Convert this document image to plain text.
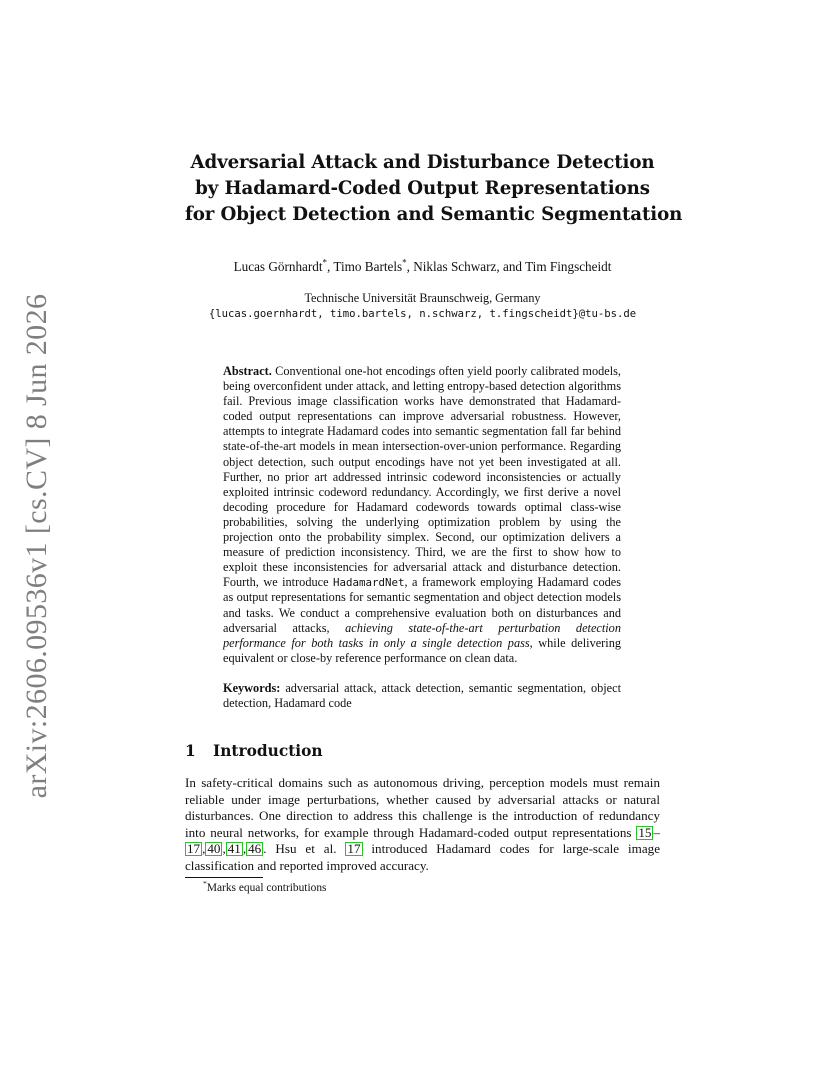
arXiv:2606.09536v1 [cs.CV] 8 Jun 2026
Adversarial Attack and Disturbance Detection
by Hadamard-Coded Output Representations
for Object Detection and Semantic Segmentation
Lucas Görnhardt*, Timo Bartels*, Niklas Schwarz, and Tim Fingscheidt
Technische Universität Braunschweig, Germany
{lucas.goernhardt, timo.bartels, n.schwarz, t.fingscheidt}@tu-bs.de
Abstract. Conventional one-hot encodings often yield poorly calibrated models, being overconfident under attack, and letting entropy-based detection algorithms fail. Previous image classification works have demonstrated that Hadamard-coded output representations can improve adversarial robustness. However, attempts to integrate Hadamard codes into semantic segmentation fall far behind state-of-the-art models in mean intersection-over-union performance. Regarding object detection, such output encodings have not yet been investigated at all. Further, no prior art addressed intrinsic codeword inconsistencies or actually exploited intrinsic codeword redundancy. Accordingly, we first derive a novel decoding procedure for Hadamard codewords towards optimal class-wise probabilities, solving the underlying optimization problem by using the projection onto the probability simplex. Second, our optimization delivers a measure of prediction inconsistency. Third, we are the first to show how to exploit these inconsistencies for adversarial attack and disturbance detection. Fourth, we introduce HadamardNet, a framework employing Hadamard codes as output representations for semantic segmentation and object detection models and tasks. We conduct a comprehensive evaluation both on disturbances and adversarial attacks, achieving state-of-the-art perturbation detection performance for both tasks in only a single detection pass, while delivering equivalent or close-by reference performance on clean data.
Keywords: adversarial attack, attack detection, semantic segmentation, object detection, Hadamard code
1 Introduction
In safety-critical domains such as autonomous driving, perception models must remain reliable under image perturbations, whether caused by adversarial attacks or natural disturbances. One direction to address this challenge is the introduction of redundancy into neural networks, for example through Hadamard-coded output representations 15 –17 , 40 , 41 , 46 . Hsu et al. 17 introduced Hadamard codes for large-scale image classification and reported improved accuracy.
*Marks equal contributions
